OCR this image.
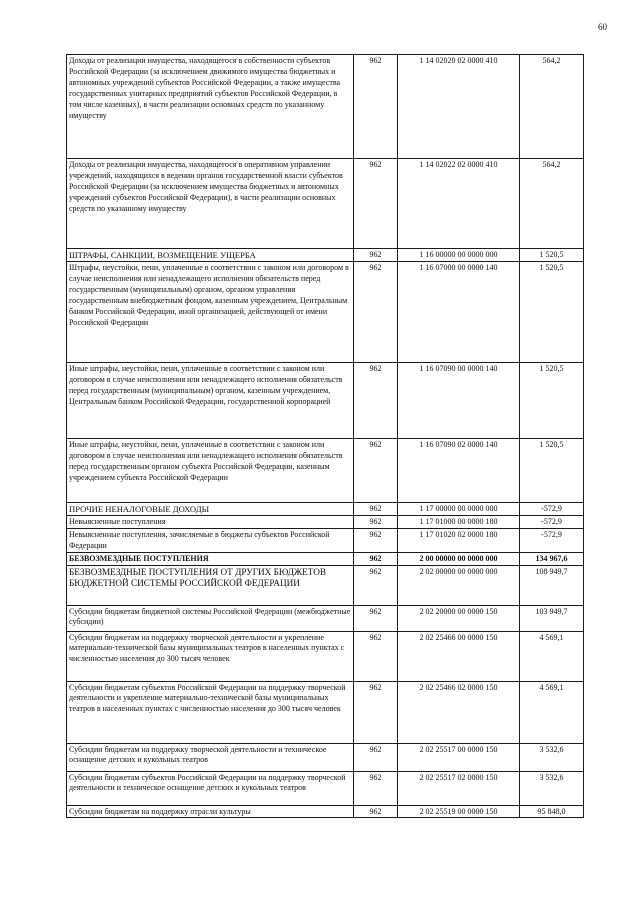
60
Доходы от реализации имущества, находящегося в собственности субъектов Российской Федерации (за исключением движимого имущества бюджетных и автономных учреждений субъектов Российской Федерации, а также имущества государственных унитарных предприятий субъектов Российской Федерации, в том числе казенных), в части реализации основных средств по указанному имуществу	962	1 14 02020 02 0000 410	564,2
Доходы от реализации имущества, находящегося в оперативном управлении учреждений, находящихся в ведении органов государственной власти субъектов Российской Федерации (за исключением имущества бюджетных и автономных учреждений субъектов Российской Федерации), в части реализации основных средств по указанному имуществу	962	1 14 02022 02 0000 410	564,2
ШТРАФЫ, САНКЦИИ, ВОЗМЕЩЕНИЕ УЩЕРБА	962	1 16 00000 00 0000 000	1 520,5
Штрафы, неустойки, пени, уплаченные в соответствии с законом или договором в случае неисполнения или ненадлежащего исполнения обязательств перед государственным (муниципальным) органом, органом управления государственным внебюджетным фондом, казенным учреждением, Центральным банком Российской Федерации, иной организацией, действующей от имени Российской Федерации	962	1 16 07000 00 0000 140	1 520,5
Иные штрафы, неустойки, пени, уплаченные в соответствии с законом или договором в случае неисполнения или ненадлежащего исполнения обязательств перед государственным (муниципальным) органом, казенным учреждением, Центральным банком Российской Федерации, государственной корпорацией	962	1 16 07090 00 0000 140	1 520,5
Иные штрафы, неустойки, пени, уплаченные в соответствии с законом или договором в случае неисполнения или ненадлежащего исполнения обязательств перед государственным органом субъекта Российской Федерации, казенным учреждением субъекта Российской Федерации	962	1 16 07090 02 0000 140	1 520,5
ПРОЧИЕ НЕНАЛОГОВЫЕ ДОХОДЫ	962	1 17 00000 00 0000 000	-572,9
Невыясненные поступления	962	1 17 01000 00 0000 180	-572,9
Невыясненные поступления, зачисляемые в бюджеты субъектов Российской Федерации	962	1 17 01020 02 0000 180	-572,9
БЕЗВОЗМЕЗДНЫЕ ПОСТУПЛЕНИЯ	962	2 00 00000 00 0000 000	134 967,6
БЕЗВОЗМЕЗДНЫЕ ПОСТУПЛЕНИЯ ОТ ДРУГИХ БЮДЖЕТОВ БЮДЖЕТНОЙ СИСТЕМЫ РОССИЙСКОЙ ФЕДЕРАЦИИ	962	2 02 00000 00 0000 000	108 949,7
Субсидии бюджетам бюджетной системы Российской Федерации (межбюджетные субсидии)	962	2 02 20000 00 0000 150	103 949,7
Субсидии бюджетам на поддержку творческой деятельности и укрепление материально-технической базы муниципальных театров в населенных пунктах с численностью населения до 300 тысяч человек	962	2 02 25466 00 0000 150	4 569,1
Субсидии бюджетам субъектов Российской Федерации на поддержку творческой деятельности и укрепление материально-технической базы муниципальных театров в населенных пунктах с численностью населения до 300 тысяч человек	962	2 02 25466 02 0000 150	4 569,1
Субсидии бюджетам на поддержку творческой деятельности и техническое оснащение детских и кукольных театров	962	2 02 25517 00 0000 150	3 532,6
Субсидии бюджетам субъектов Российской Федерации на поддержку творческой деятельности и техническое оснащение детских и кукольных театров	962	2 02 25517 02 0000 150	3 532,6
Субсидии бюджетам на поддержку отрасли культуры	962	2 02 25519 00 0000 150	95 848,0
